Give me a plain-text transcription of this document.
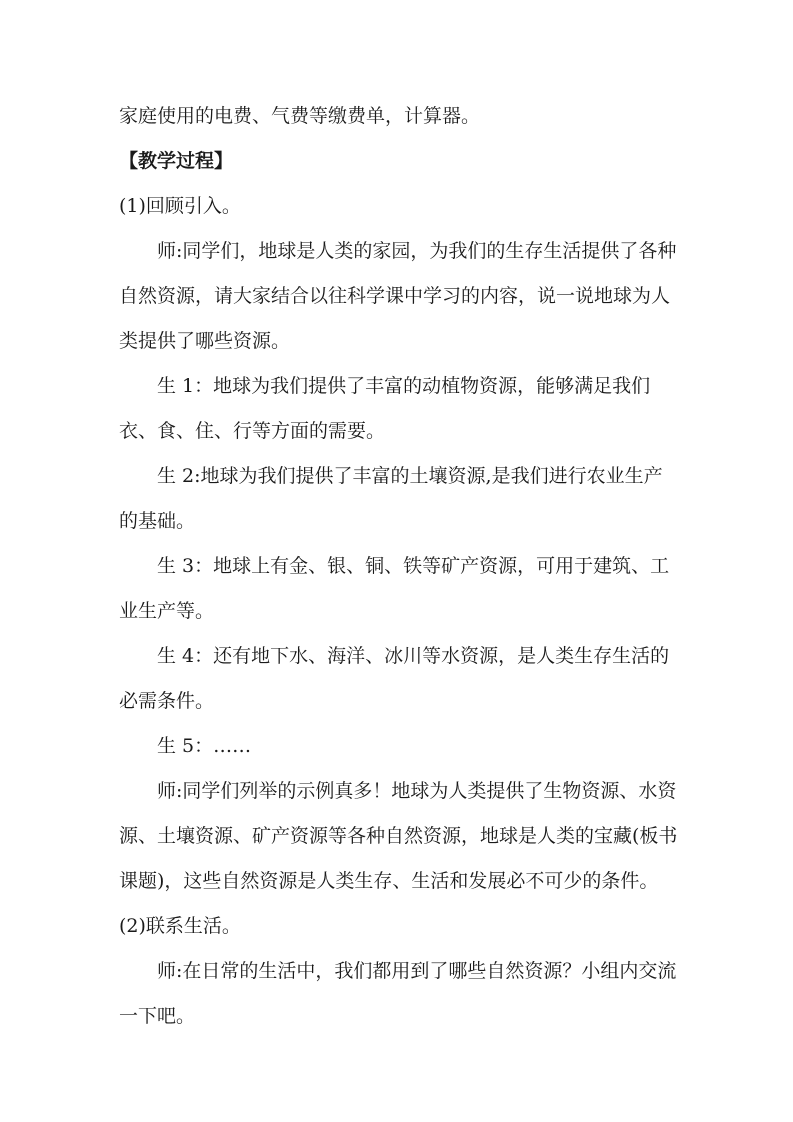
家庭使用的电费、气费等缴费单，计算器。

【教学过程】

(1)回顾引入。

师:同学们，地球是人类的家园，为我们的生存生活提供了各种自然资源，请大家结合以往科学课中学习的内容，说一说地球为人类提供了哪些资源。

生 1：地球为我们提供了丰富的动植物资源，能够满足我们衣、食、住、行等方面的需要。

生 2:地球为我们提供了丰富的土壤资源,是我们进行农业生产的基础。

生 3：地球上有金、银、铜、铁等矿产资源，可用于建筑、工业生产等。

生 4：还有地下水、海洋、冰川等水资源，是人类生存生活的必需条件。

生 5：……

师:同学们列举的示例真多！地球为人类提供了生物资源、水资源、土壤资源、矿产资源等各种自然资源，地球是人类的宝藏(板书课题)，这些自然资源是人类生存、生活和发展必不可少的条件。

(2)联系生活。

师:在日常的生活中，我们都用到了哪些自然资源？小组内交流一下吧。
